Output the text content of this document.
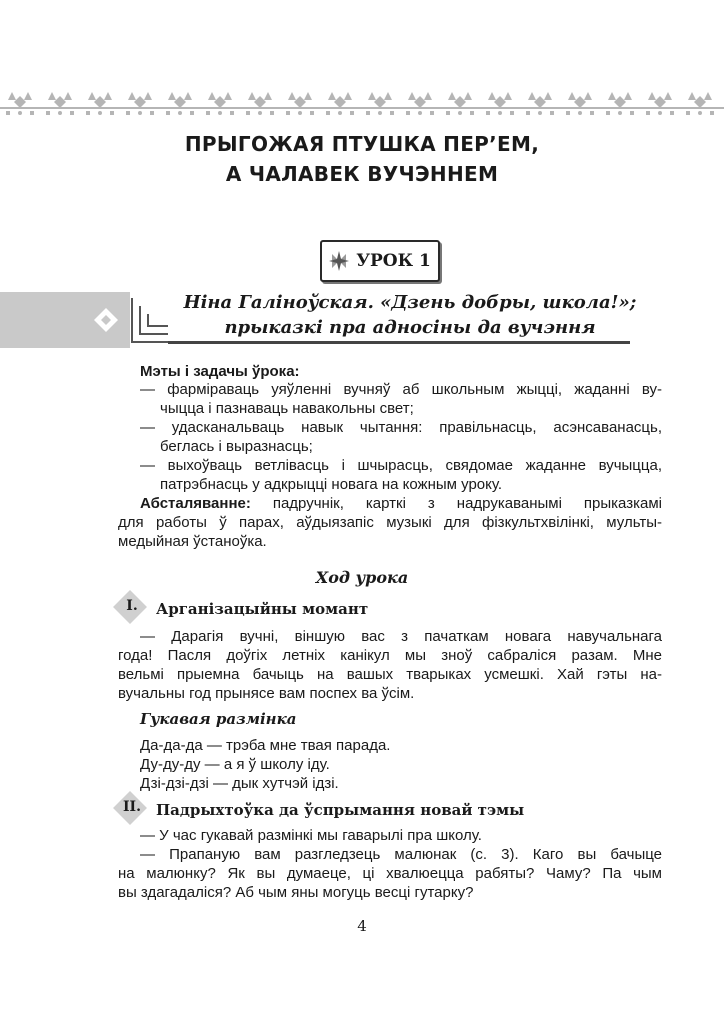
ПРЫГОЖАЯ ПТУШКА ПЕР’ЕМ,
А ЧАЛАВЕК ВУЧЭННЕМ
УРОК 1

Ніна Галіноўская. «Дзень добры, школа!»;

прыказкі пра адносіны да вучэння

Мэты і задачы ўрока:

— фарміраваць уяўленні вучняў аб школьным жыцці, жаданні ву-

чыцца і пазнаваць навакольны свет;

— удасканальваць навык чытання: правільнасць, асэнсаванасць,

беглась і выразнасць;

— выхоўваць ветлівасць і шчырасць, свядомае жаданне вучыцца,

патрэбнасць у адкрыцці новага на кожным уроку.

Абсталяванне: падручнік, карткі з надрукаванымі прыказкамі

для работы ў парах, аўдыязапіс музыкі для фізкультхвілінкі, мульты-

медыйная ўстаноўка.

Ход урока

I.	Арганізацыйны момант

— Дарагія вучні, віншую вас з пачаткам новага навучальнага

года! Пасля доўгіх летніх канікул мы зноў сабраліся разам. Мне

вельмі прыемна бачыць на вашых тварыках усмешкі. Хай гэты на-

вучальны год прынясе вам поспех ва ўсім.

Гукавая размінка

Да-да-да — трэба мне твая парада.

Ду-ду-ду — а я ў школу іду.

Дзі-дзі-дзі — дык хутчэй ідзі.

II.	Падрыхтоўка да ўспрымання новай тэмы

— У час гукавай размінкі мы гаварылі пра школу.

— Прапаную вам разгледзець малюнак (с. 3). Каго вы бачыце

на малюнку? Як вы думаеце, ці хвалюецца рабяты? Чаму? Па чым

вы здагадаліся? Аб чым яны могуць весці гутарку?

4
